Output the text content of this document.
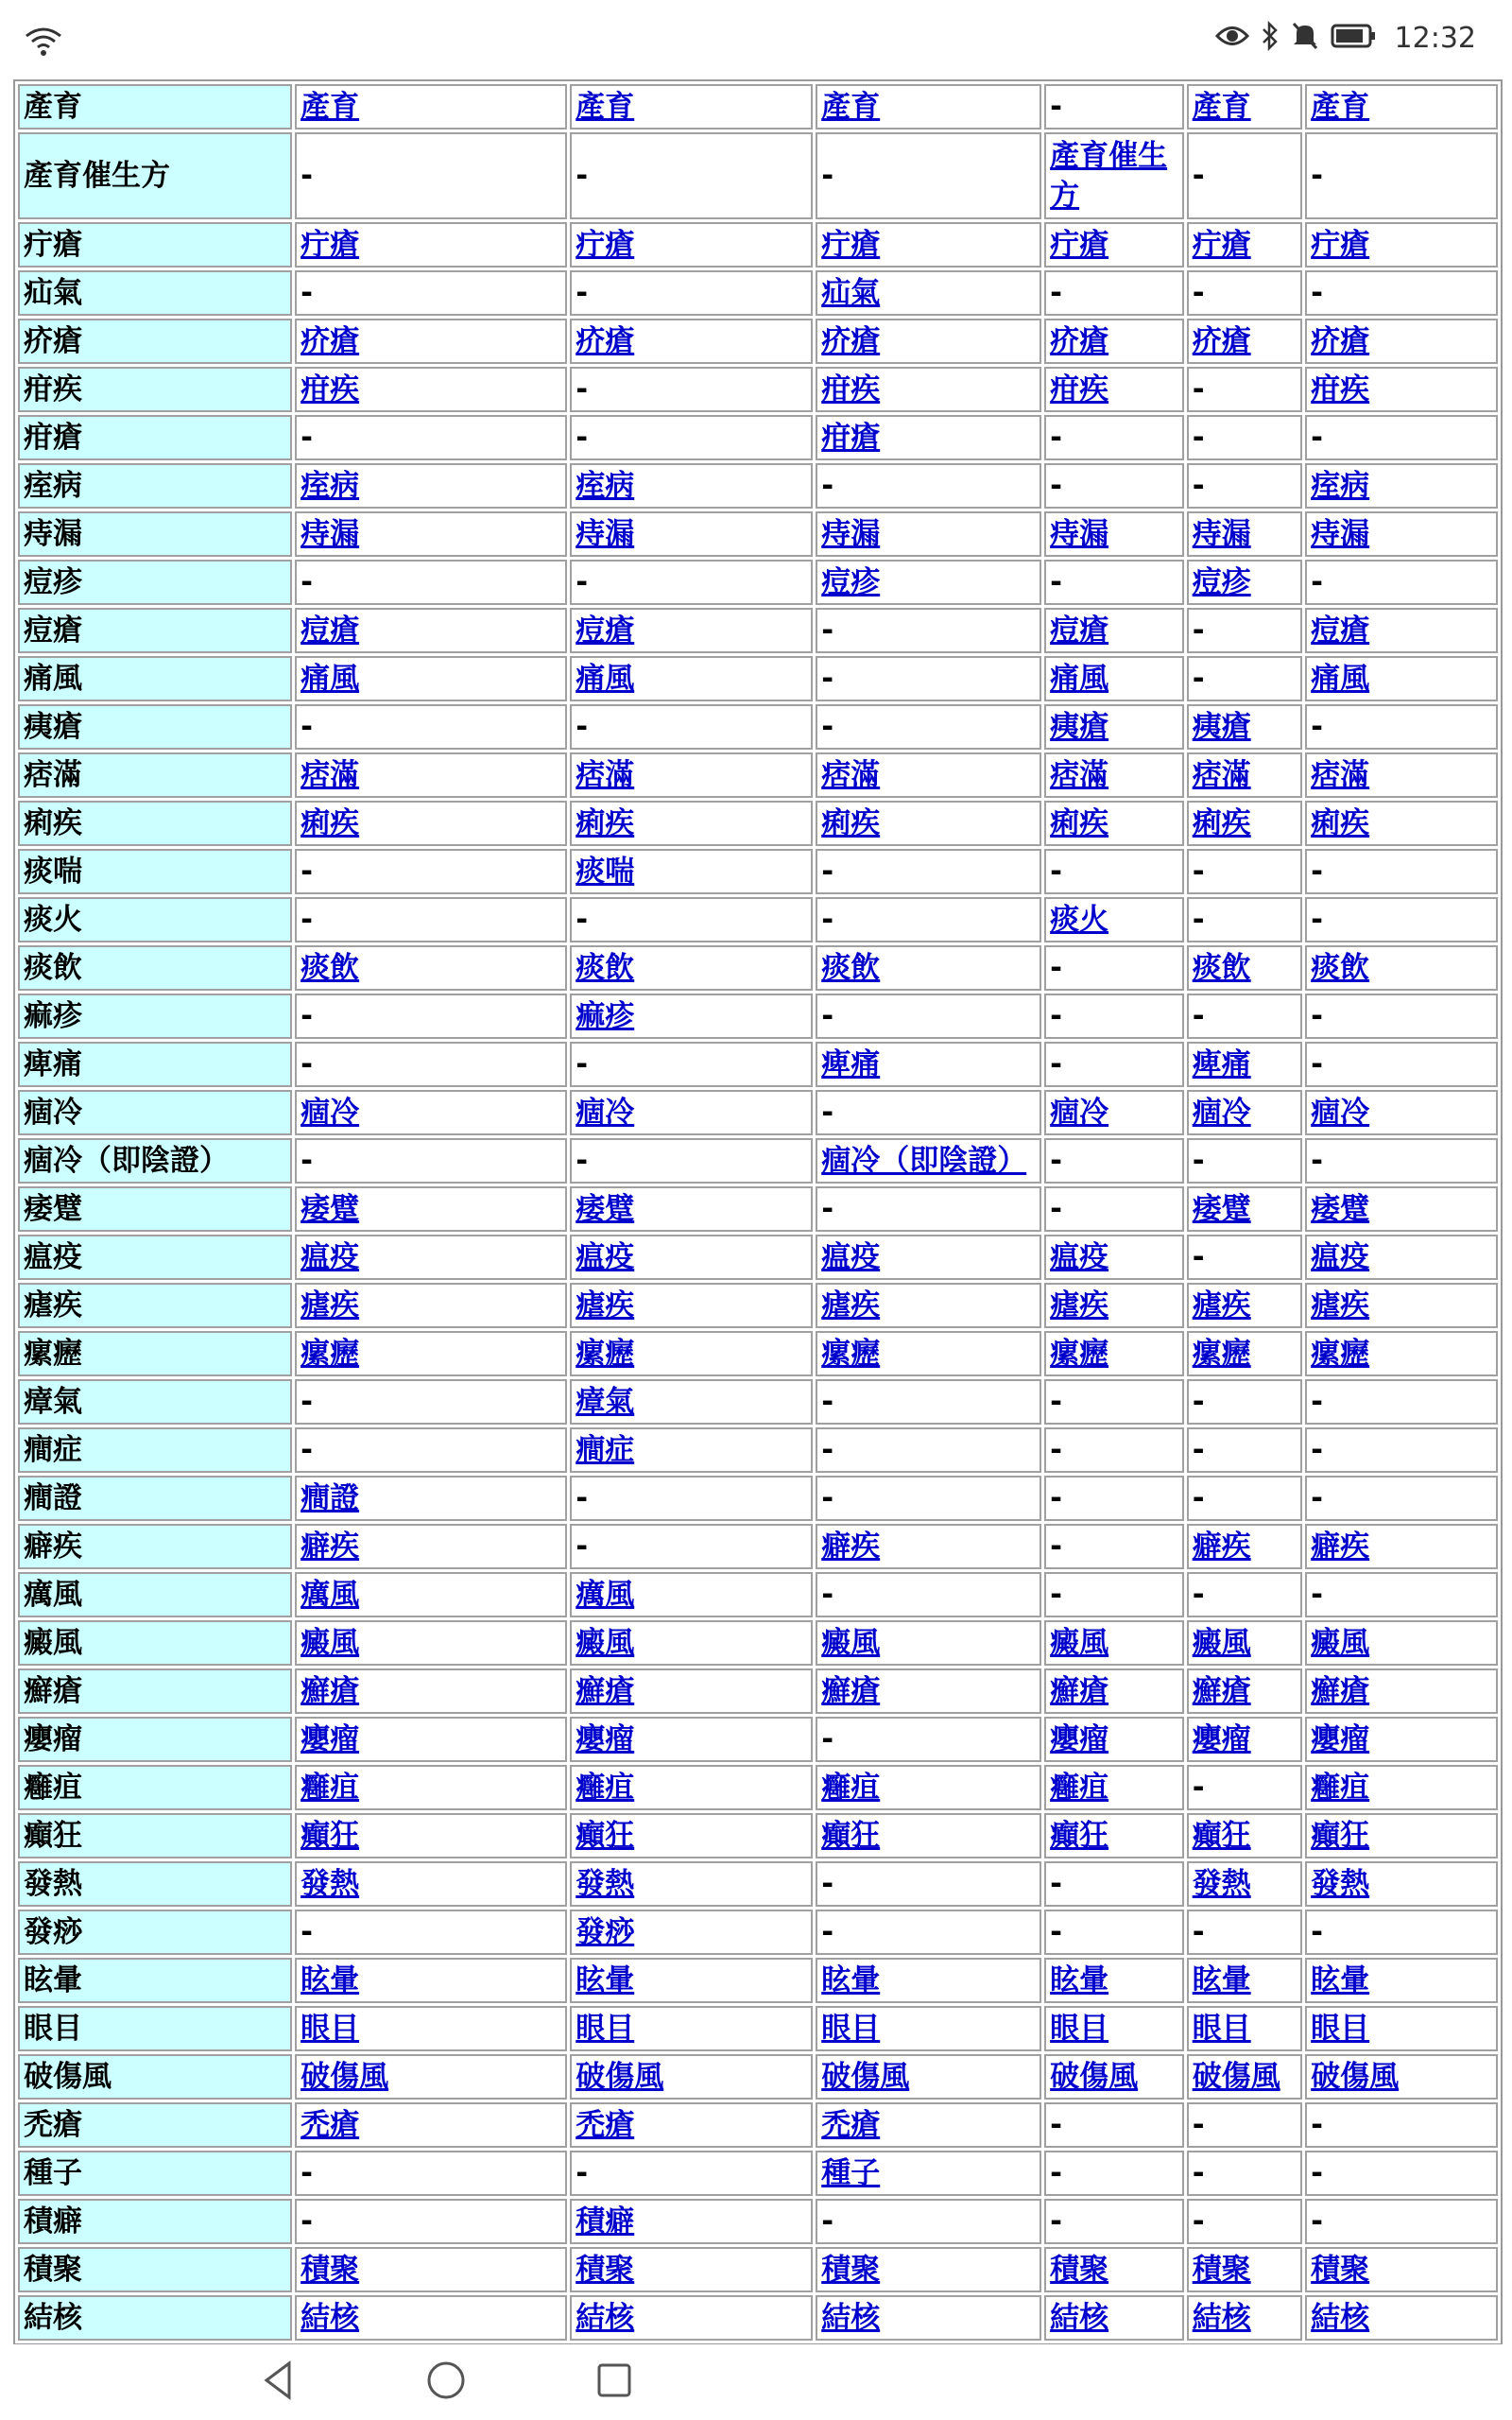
12:32
產育	產育	產育	產育	-	產育	產育
產育催生方	-	-	-	產育催生方	-	-
疔瘡	疔瘡	疔瘡	疔瘡	疔瘡	疔瘡	疔瘡
疝氣	-	-	疝氣	-	-	-
疥瘡	疥瘡	疥瘡	疥瘡	疥瘡	疥瘡	疥瘡
疳疾	疳疾	-	疳疾	疳疾	-	疳疾
疳瘡	-	-	疳瘡	-	-	-
痓病	痓病	痓病	-	-	-	痓病
痔漏	痔漏	痔漏	痔漏	痔漏	痔漏	痔漏
痘疹	-	-	痘疹	-	痘疹	-
痘瘡	痘瘡	痘瘡	-	痘瘡	-	痘瘡
痛風	痛風	痛風	-	痛風	-	痛風
痍瘡	-	-	-	痍瘡	痍瘡	-
痞滿	痞滿	痞滿	痞滿	痞滿	痞滿	痞滿
痢疾	痢疾	痢疾	痢疾	痢疾	痢疾	痢疾
痰喘	-	痰喘	-	-	-	-
痰火	-	-	-	痰火	-	-
痰飲	痰飲	痰飲	痰飲	-	痰飲	痰飲
痲疹	-	痲疹	-	-	-	-
痺痛	-	-	痺痛	-	痺痛	-
痼冷	痼冷	痼冷	-	痼冷	痼冷	痼冷
痼冷（即陰證）	-	-	痼冷（即陰證）	-	-	-
痿躄	痿躄	痿躄	-	-	痿躄	痿躄
瘟疫	瘟疫	瘟疫	瘟疫	瘟疫	-	瘟疫
瘧疾	瘧疾	瘧疾	瘧疾	瘧疾	瘧疾	瘧疾
瘰癧	瘰癧	瘰癧	瘰癧	瘰癧	瘰癧	瘰癧
瘴氣	-	瘴氣	-	-	-	-
癎症	-	癎症	-	-	-	-
癎證	癎證	-	-	-	-	-
癖疾	癖疾	-	癖疾	-	癖疾	癖疾
癘風	癘風	癘風	-	-	-	-
癜風	癜風	癜風	癜風	癜風	癜風	癜風
癬瘡	癬瘡	癬瘡	癬瘡	癬瘡	癬瘡	癬瘡
癭瘤	癭瘤	癭瘤	-	癭瘤	癭瘤	癭瘤
癰疽	癰疽	癰疽	癰疽	癰疽	-	癰疽
癲狂	癲狂	癲狂	癲狂	癲狂	癲狂	癲狂
發熱	發熱	發熱	-	-	發熱	發熱
發痧	-	發痧	-	-	-	-
眩暈	眩暈	眩暈	眩暈	眩暈	眩暈	眩暈
眼目	眼目	眼目	眼目	眼目	眼目	眼目
破傷風	破傷風	破傷風	破傷風	破傷風	破傷風	破傷風
禿瘡	禿瘡	禿瘡	禿瘡	-	-	-
種子	-	-	種子	-	-	-
積癖	-	積癖	-	-	-	-
積聚	積聚	積聚	積聚	積聚	積聚	積聚
結核	結核	結核	結核	結核	結核	結核
